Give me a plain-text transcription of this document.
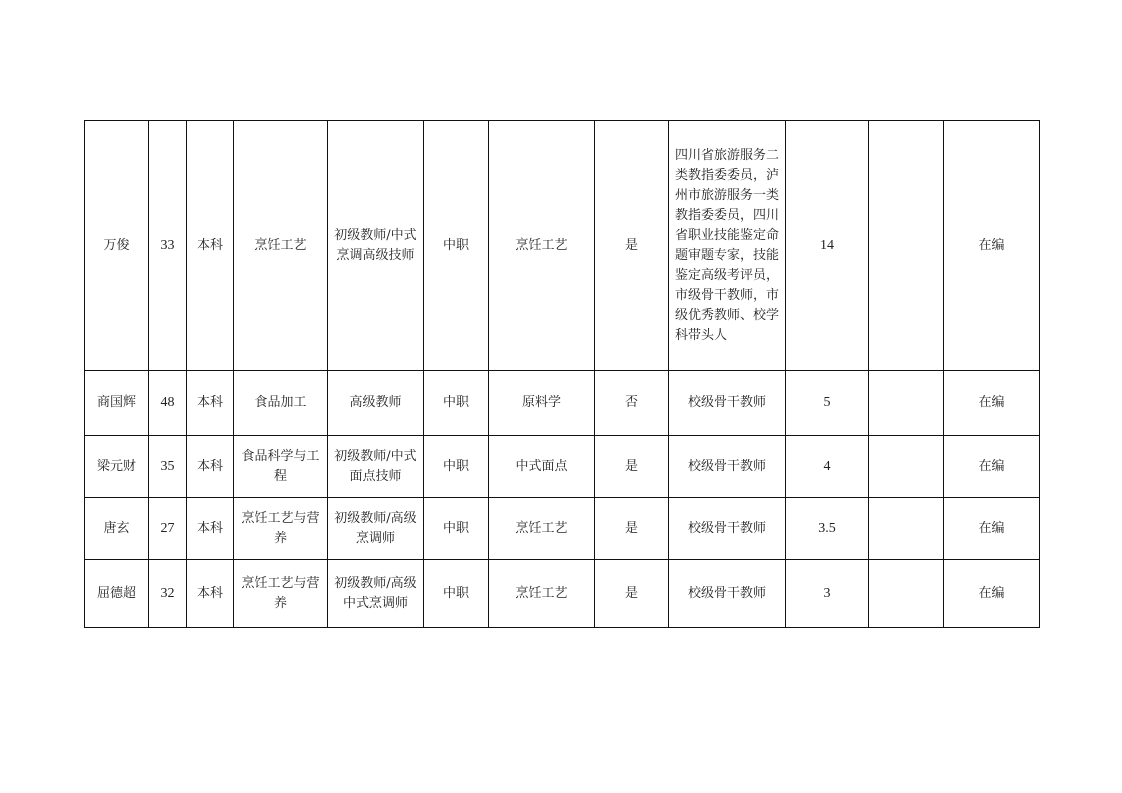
万俊	33	本科	烹饪工艺	初级教师/中式烹调高级技师	中职	烹饪工艺	是	四川省旅游服务二类教指委委员，泸州市旅游服务一类教指委委员，四川省职业技能鉴定命题审题专家，技能鉴定高级考评员，市级骨干教师，市级优秀教师、校学科带头人	14		在编
商国辉	48	本科	食品加工	高级教师	中职	原料学	否	校级骨干教师	5		在编
梁元财	35	本科	食品科学与工程	初级教师/中式面点技师	中职	中式面点	是	校级骨干教师	4		在编
唐玄	27	本科	烹饪工艺与营养	初级教师/高级烹调师	中职	烹饪工艺	是	校级骨干教师	3.5		在编
屈德超	32	本科	烹饪工艺与营养	初级教师/高级中式烹调师	中职	烹饪工艺	是	校级骨干教师	3		在编
